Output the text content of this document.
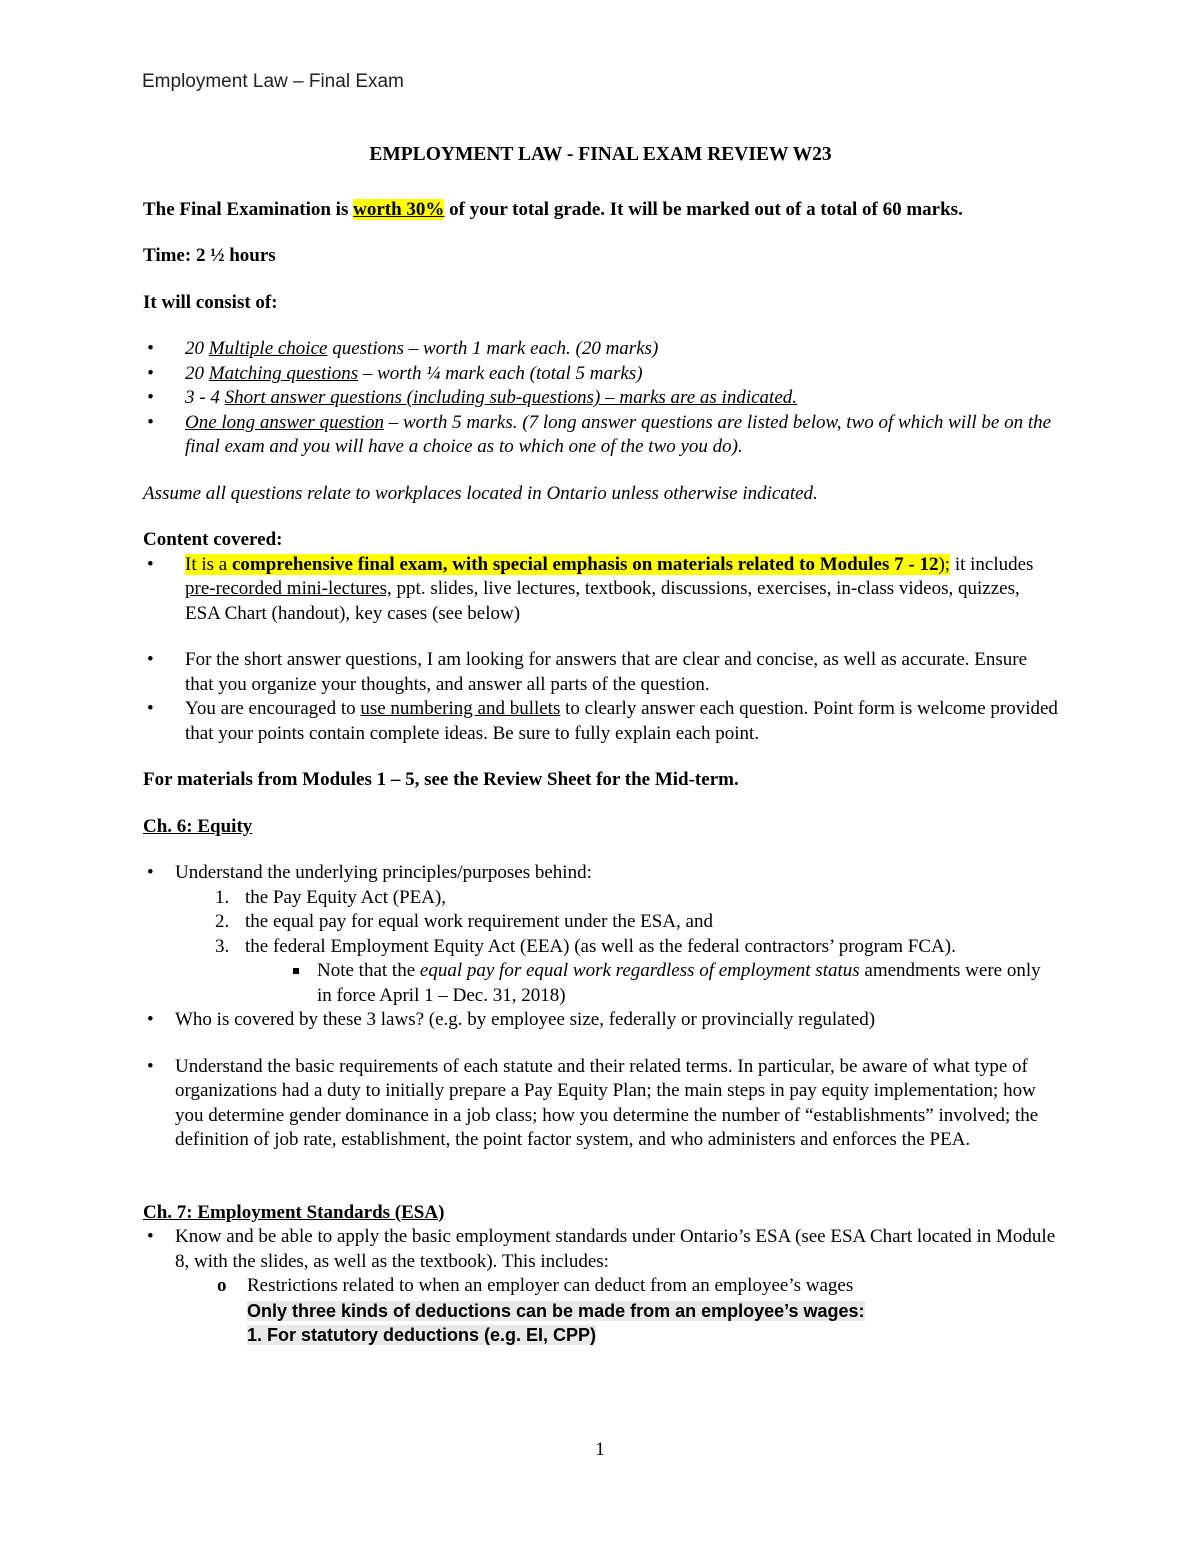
Employment Law – Final Exam

EMPLOYMENT LAW - FINAL EXAM REVIEW W23

The Final Examination is worth 30% of your total grade. It will be marked out of a total of 60 marks.

Time: 2 ½ hours

It will consist of:

• 20 Multiple choice questions – worth 1 mark each. (20 marks)
• 20 Matching questions – worth ¼ mark each (total 5 marks)
• 3 - 4 Short answer questions (including sub-questions) – marks are as indicated.
• One long answer question – worth 5 marks. (7 long answer questions are listed below, two of which will be on the final exam and you will have a choice as to which one of the two you do).

Assume all questions relate to workplaces located in Ontario unless otherwise indicated.

Content covered:

• It is a comprehensive final exam, with special emphasis on materials related to Modules 7 - 12); it includes pre-recorded mini-lectures, ppt. slides, live lectures, textbook, discussions, exercises, in-class videos, quizzes, ESA Chart (handout), key cases (see below)
• For the short answer questions, I am looking for answers that are clear and concise, as well as accurate. Ensure that you organize your thoughts, and answer all parts of the question.
• You are encouraged to use numbering and bullets to clearly answer each question. Point form is welcome provided that your points contain complete ideas. Be sure to fully explain each point.

For materials from Modules 1 – 5, see the Review Sheet for the Mid-term.

Ch. 6: Equity

• Understand the underlying principles/purposes behind:
1. the Pay Equity Act (PEA),
2. the equal pay for equal work requirement under the ESA, and
3. the federal Employment Equity Act (EEA) (as well as the federal contractors’ program FCA).
Note that the equal pay for equal work regardless of employment status amendments were only in force April 1 – Dec. 31, 2018)
• Who is covered by these 3 laws? (e.g. by employee size, federally or provincially regulated)
• Understand the basic requirements of each statute and their related terms. In particular, be aware of what type of organizations had a duty to initially prepare a Pay Equity Plan; the main steps in pay equity implementation; how you determine gender dominance in a job class; how you determine the number of “establishments” involved; the definition of job rate, establishment, the point factor system, and who administers and enforces the PEA.

Ch. 7: Employment Standards (ESA)

• Know and be able to apply the basic employment standards under Ontario’s ESA (see ESA Chart located in Module 8, with the slides, as well as the textbook). This includes:
o Restrictions related to when an employer can deduct from an employee’s wages
Only three kinds of deductions can be made from an employee’s wages:
1. For statutory deductions (e.g. EI, CPP)
1
